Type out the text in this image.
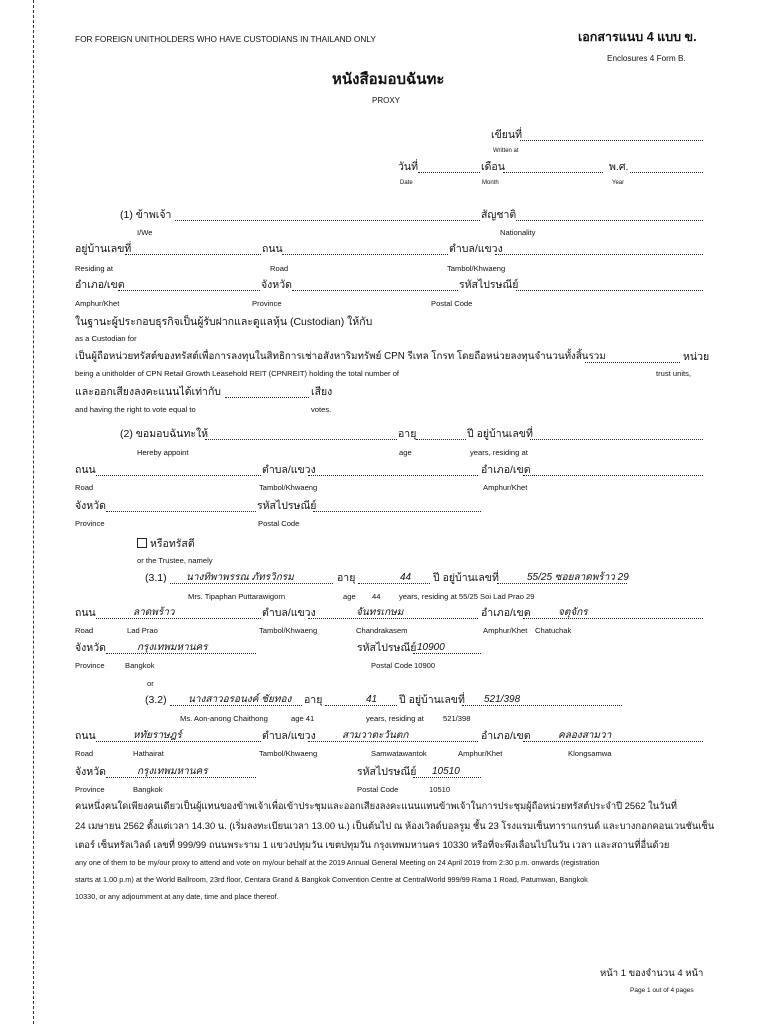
FOR FOREIGN UNITHOLDERS WHO HAVE CUSTODIANS IN THAILAND ONLY	เอกสารแนบ 4 แบบ ข.
Enclosures 4 Form B.
หนังสือมอบฉันทะ
PROXY
เขียนที่
Written at
วันที่	เดือน	พ.ศ.
Date	Month	Year
(1) ข้าพเจ้า	สัญชาติ
I/We	Nationality
อยู่บ้านเลขที่	ถนน	ตำบล/แขวง
Residing at	Road	Tambol/Khwaeng
อำเภอ/เขต	จังหวัด	รหัสไปรษณีย์
Amphur/Khet	Province	Postal Code
ในฐานะผู้ประกอบธุรกิจเป็นผู้รับฝากและดูแลหุ้น (Custodian) ให้กับ
as a Custodian for
เป็นผู้ถือหน่วยทรัสต์ของทรัสต์เพื่อการลงทุนในสิทธิการเช่าอสังหาริมทรัพย์ CPN รีเทล โกรท โดยถือหน่วยลงทุนจำนวนทั้งสิ้นรวม	หน่วย
being a unitholder of CPN Retail Growth Leasehold REIT (CPNREIT) holding the total number of	trust units,
และออกเสียงลงคะแนนได้เท่ากับ	เสียง
and having the right to vote equal to	votes.
(2) ขอมอบฉันทะให้	อายุ	ปี อยู่บ้านเลขที่
Hereby appoint	age	years, residing at
ถนน	ตำบล/แขวง	อำเภอ/เขต
Road	Tambol/Khwaeng	Amphur/Khet
จังหวัด	รหัสไปรษณีย์
Province	Postal Code
หรือทรัสตี
or the Trustee, namely
(3.1) นางทิพาพรรณ ภัทรวิกรม	อายุ	44 ปี อยู่บ้านเลขที่	55/25 ซอยลาดพร้าว 29
Mrs. Tipaphan Puttarawigorn	age 44 years, residing at 55/25 Soi Lad Prao 29
ถนน	ลาดพร้าว	ตำบล/แขวง	จันทรเกษม	อำเภอ/เขต	จตุจักร
Road	Lad Prao	Tambol/Khwaeng	Chandrakasem	Amphur/Khet Chatuchak
จังหวัด	กรุงเทพมหานคร	รหัสไปรษณีย์ 10900
Province	Bangkok	Postal Code 10900
or
(3.2) นางสาวอรอนงค์ ชัยทอง อายุ	41 ปี อยู่บ้านเลขที่ 521/398
Ms. Aon-anong Chaithong	age 41	years, residing at	521/398
ถนน	หทัยราษฎร์	ตำบล/แขวง	สามวาตะวันตก	อำเภอ/เขต	คลองสามวา
Road	Hathairat	Tambol/Khwaeng	Samwatawantok	Amphur/Khet	Klongsamwa
จังหวัด	กรุงเทพมหานคร	รหัสไปรษณีย์ 10510
Province	Bangkok	Postal Code	10510
คนหนึ่งคนใดเพียงคนเดียวเป็นผู้แทนของข้าพเจ้าเพื่อเข้าประชุมและออกเสียงลงคะแนนแทนข้าพเจ้าในการประชุมผู้ถือหน่วยทรัสต์ประจำปี 2562 ในวันที่
24 เมษายน 2562 ตั้งแต่เวลา 14.30 น. (เริ่มลงทะเบียนเวลา 13.00 น.) เป็นต้นไป ณ ห้องเวิลด์บอลรูม ชั้น 23 โรงแรมเซ็นทาราแกรนด์ และบางกอกคอนเวนชันเซ็น
เตอร์ เซ็นทรัลเวิลด์ เลขที่ 999/99 ถนนพระราม 1 แขวงปทุมวัน เขตปทุมวัน กรุงเทพมหานคร 10330 หรือที่จะพึงเลื่อนไปในวัน เวลา และสถานที่อื่นด้วย
any one of them to be my/our proxy to attend and vote on my/our behalf at the 2019 Annual General Meeting on 24 April 2019 from 2:30 p.m. onwards (registration
starts at 1.00 p.m) at the World Ballroom, 23rd floor, Centara Grand & Bangkok Convention Centre at CentralWorld 999/99 Rama 1 Road, Patumwan, Bangkok
10330, or any adjournment at any date, time and place thereof.
หน้า 1 ของจำนวน 4 หน้า
Page 1 out of 4 pages
